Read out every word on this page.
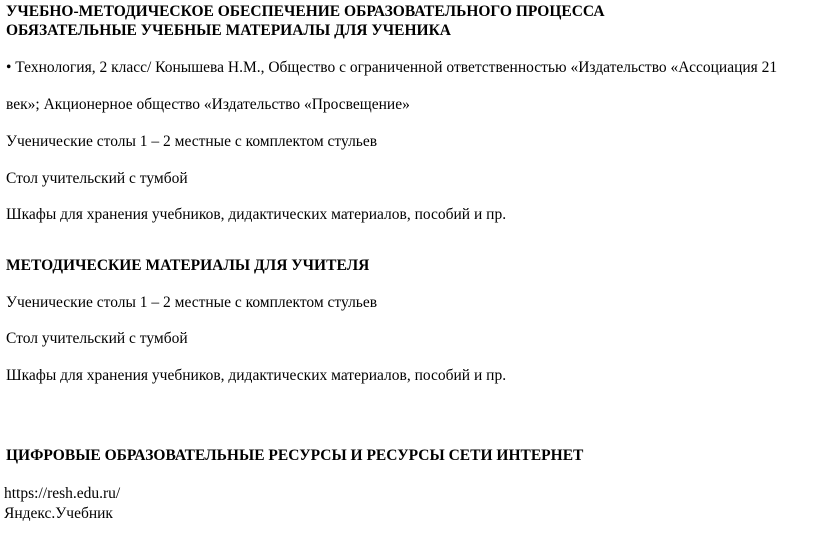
УЧЕБНО-МЕТОДИЧЕСКОЕ ОБЕСПЕЧЕНИЕ ОБРАЗОВАТЕЛЬНОГО ПРОЦЕССА
ОБЯЗАТЕЛЬНЫЕ УЧЕБНЫЕ МАТЕРИАЛЫ ДЛЯ УЧЕНИКА
• Технология, 2 класс/ Конышева Н.М., Общество с ограниченной ответственностью «Издательство «Ассоциация 21
век»; Акционерное общество «Издательство «Просвещение»
Ученические столы 1 – 2 местные с комплектом стульев
Стол учительский с тумбой
Шкафы для хранения учебников, дидактических материалов, пособий и пр.
МЕТОДИЧЕСКИЕ МАТЕРИАЛЫ ДЛЯ УЧИТЕЛЯ
Ученические столы 1 – 2 местные с комплектом стульев
Стол учительский с тумбой
Шкафы для хранения учебников, дидактических материалов, пособий и пр.
ЦИФРОВЫЕ ОБРАЗОВАТЕЛЬНЫЕ РЕСУРСЫ И РЕСУРСЫ СЕТИ ИНТЕРНЕТ
https://resh.edu.ru/
Яндекс.Учебник
